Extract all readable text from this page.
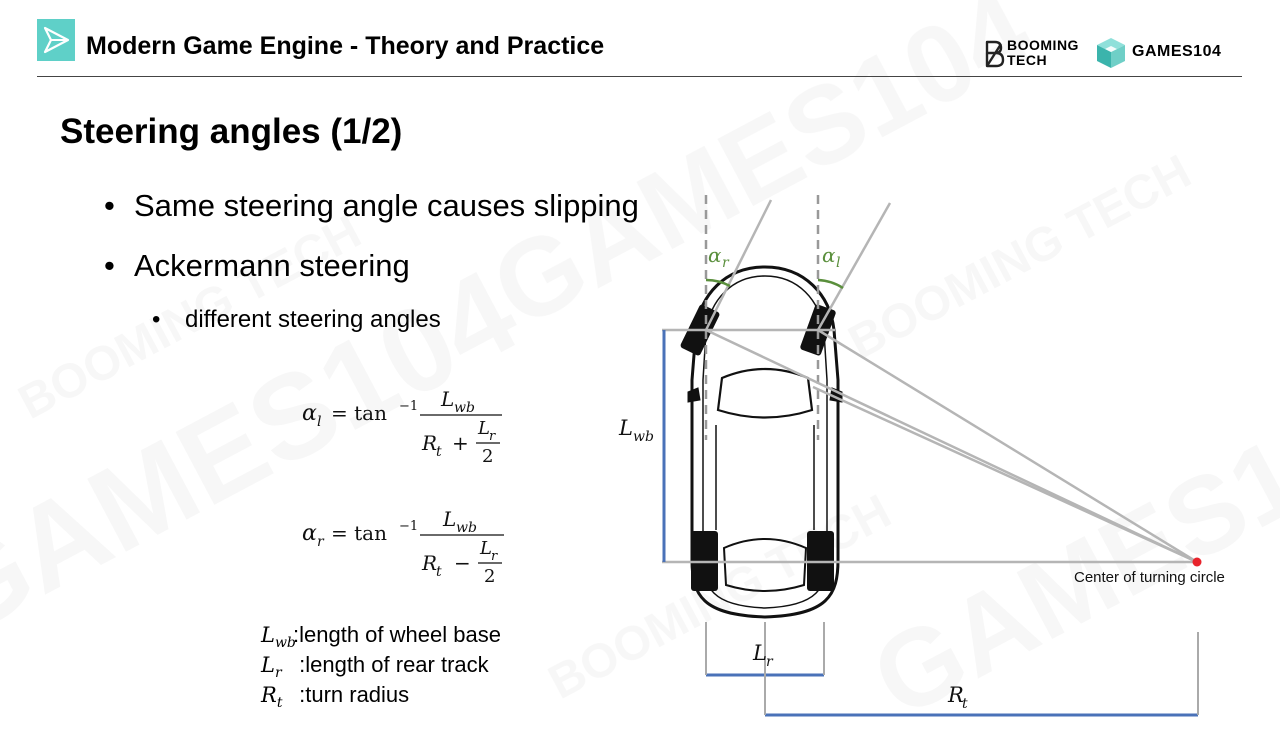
Modern Game Engine - Theory and Practice	BOOMING
TECH	GAMES104
Steering angles (1/2)
• Same steering angle causes slipping
• Ackermann steering
• different steering angles
α l = tan −1 L wb
R
t +
L r
2
α r = tan −1 L wb
R
t −
L r
2
$L_{wb}:length$ of wheel base
$L_r$ :length of rear track
$R_t$ :turn radius
α r	α l
L wb
L r
R
t
Center of turning circle
